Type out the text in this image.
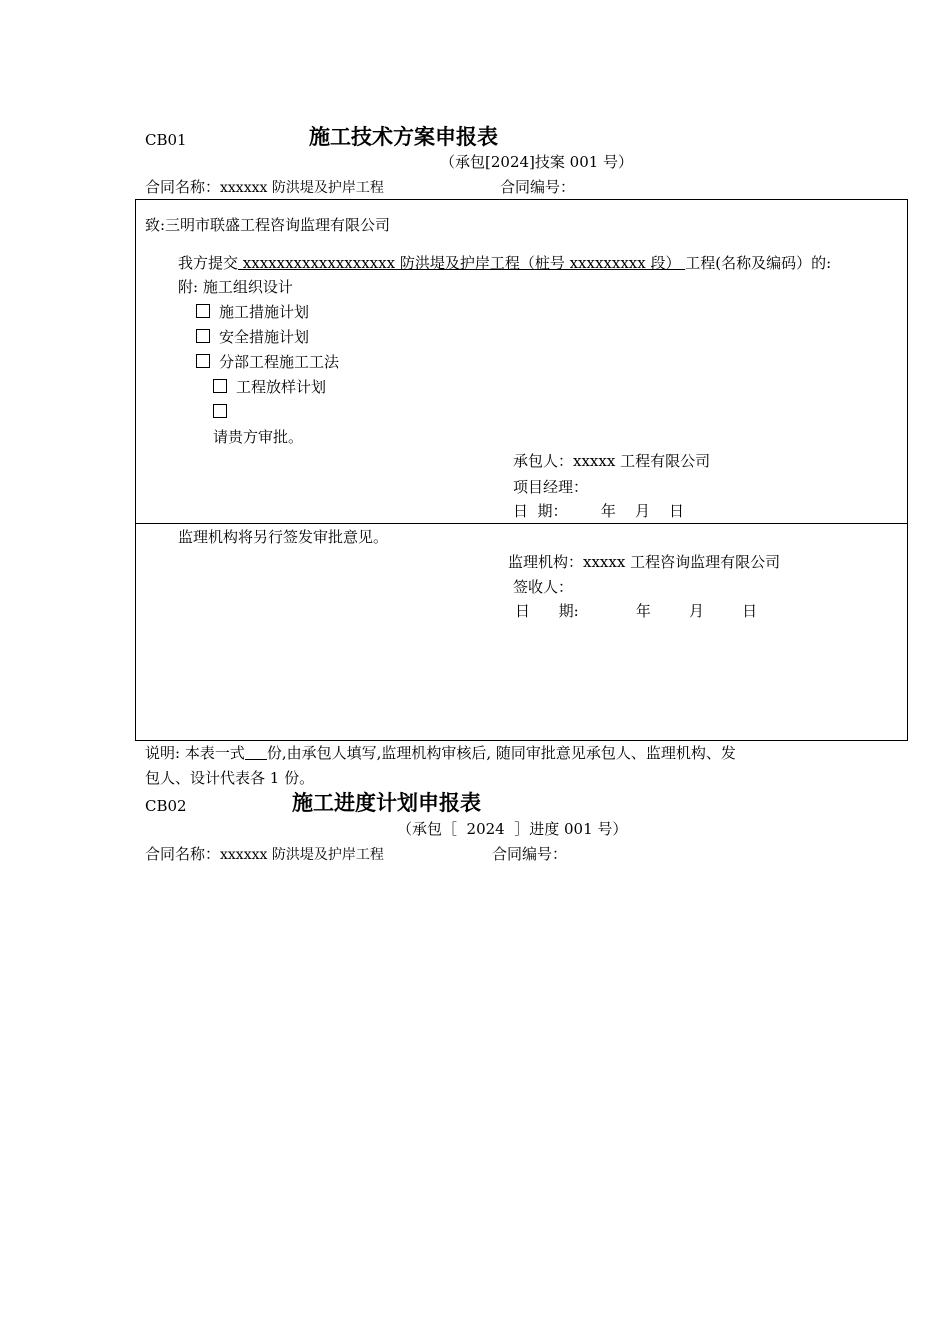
CB01	施工技术方案申报表
（承包[2024]技案 001 号）
合同名称：xxxxxx 防洪堤及护岸工程	合同编号：
致:三明市联盛工程咨询监理有限公司
我方提交 xxxxxxxxxxxxxxxxxx 防洪堤及护岸工程（桩号 xxxxxxxxx 段） 工程(名称及编码）的:
附: 施工组织设计
施工措施计划
安全措施计划
分部工程施工工法
工程放样计划
请贵方审批。
承包人：xxxxx 工程有限公司
项目经理：
日  期：       年    月    日
监理机构将另行签发审批意见。
监理机构：xxxxx 工程咨询监理有限公司
签收人：
日      期:            年        月        日
说明: 本表一式 份,由承包人填写,监理机构审核后, 随同审批意见承包人、监理机构、发
包人、设计代表各 1 份。
CB02	施工进度计划申报表
（承包［  2024  ］进度 001 号）
合同名称：xxxxxx 防洪堤及护岸工程	合同编号：
